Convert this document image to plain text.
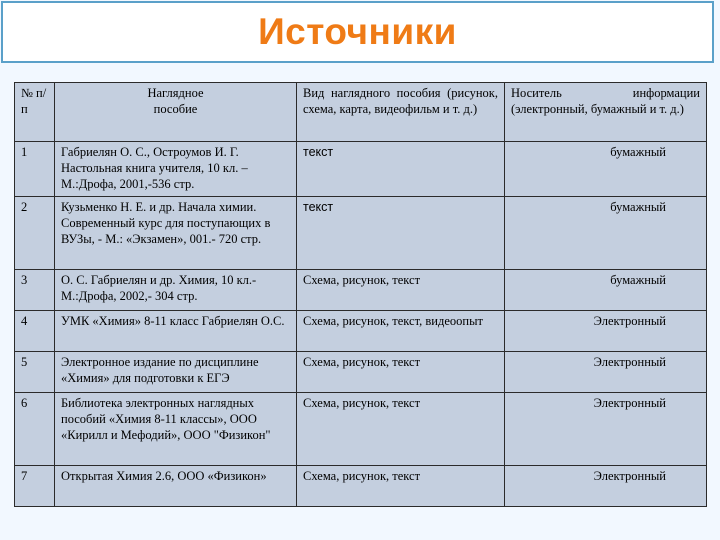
Источники
№ п/п	Наглядное пособие	Вид наглядного пособия (рисунок, схема, карта, видеофильм и т. д.)	Носитель информации (электронный, бумажный и т. д.)
1	Габриелян О. С., Остроумов И. Г. Настольная книга учителя, 10 кл. – М.:Дрофа, 2001,-536 стр.	текст	бумажный
2	Кузьменко Н. Е. и др. Начала химии. Современный курс для поступающих в ВУЗы, - М.: «Экзамен», 001.- 720 стр.	текст	бумажный
3	О. С. Габриелян и др. Химия, 10 кл.- М.:Дрофа, 2002,- 304 стр.	Схема, рисунок, текст	бумажный
4	УМК «Химия» 8-11 класс Габриелян О.С.	Схема, рисунок, текст, видеоопыт	Электронный
5	Электронное издание по дисциплине «Химия» для подготовки к ЕГЭ	Схема, рисунок, текст	Электронный
6	Библиотека электронных наглядных пособий «Химия 8-11 классы», ООО «Кирилл и Мефодий», ООО "Физикон"	Схема, рисунок, текст	Электронный
7	Открытая Химия 2.6, ООО «Физикон»	Схема, рисунок, текст	Электронный
